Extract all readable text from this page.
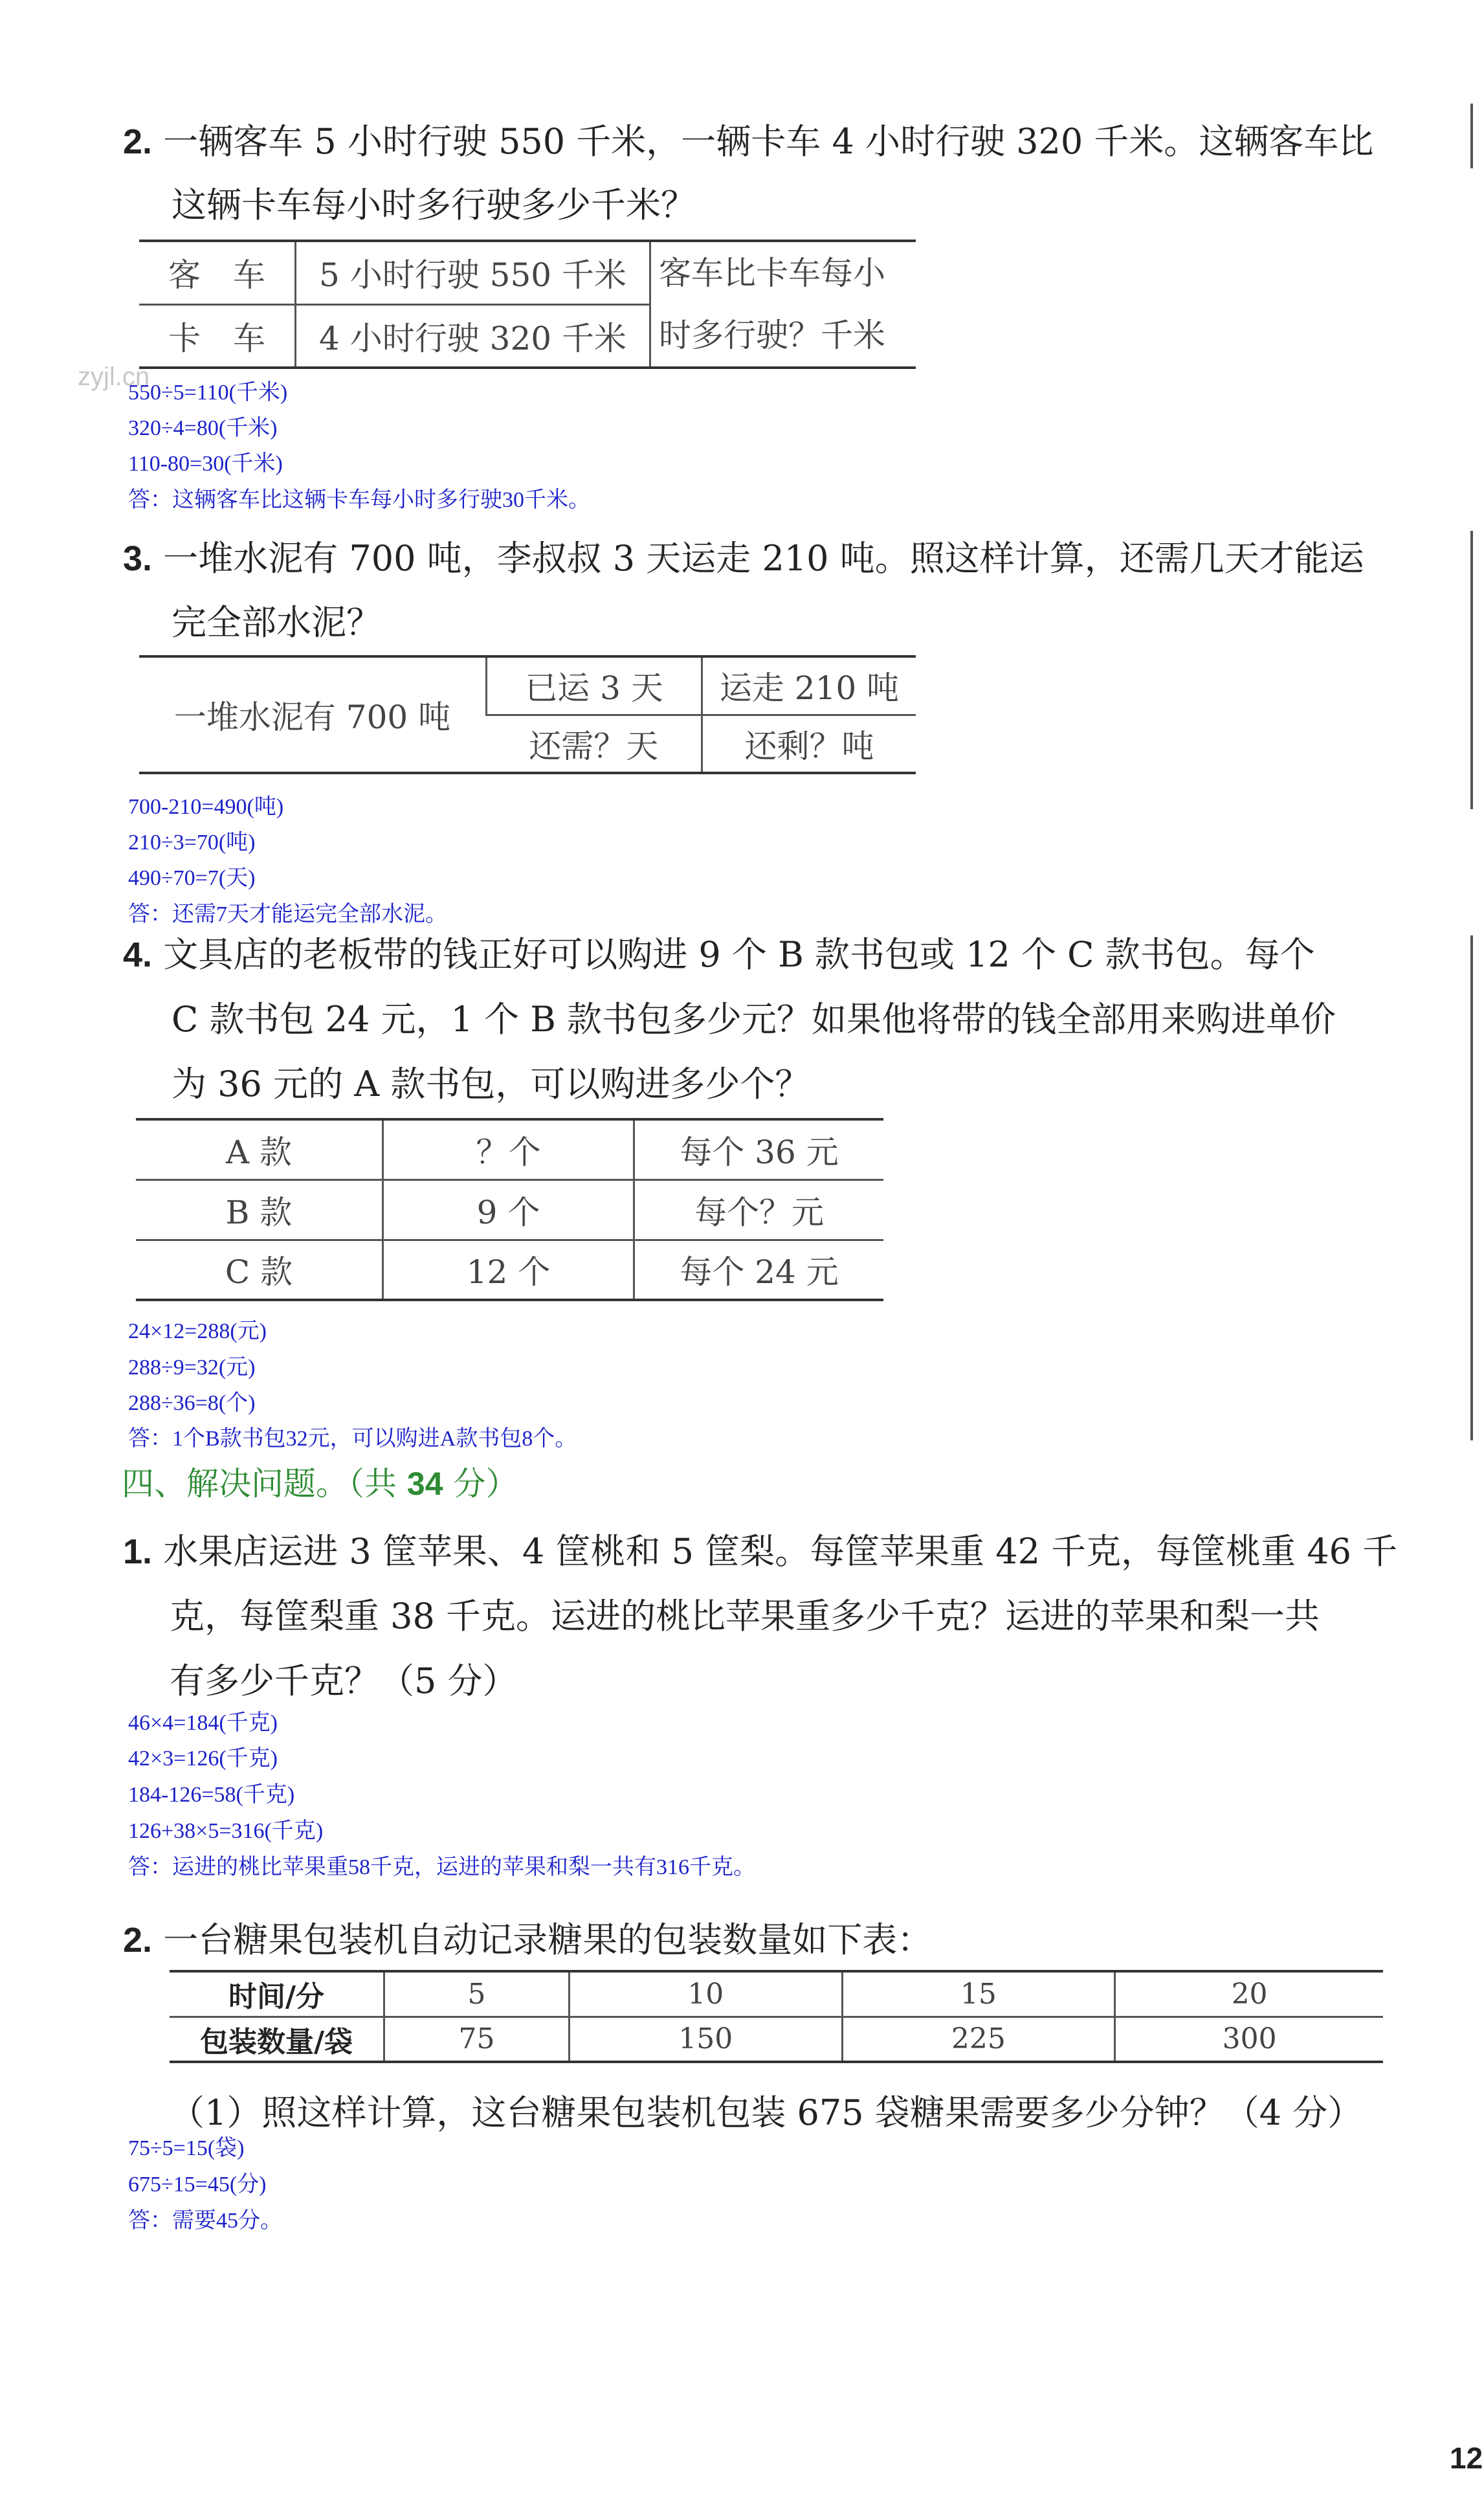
2. 一辆客车 5 小时行驶 550 千米，一辆卡车 4 小时行驶 320 千米。这辆客车比
这辆卡车每小时多行驶多少千米？
客　车	5 小时行驶 550 千米	客车比卡车每小
时多行驶？千米

卡　车	4 小时行驶 320 千米	
zyjl.cn
550÷5=110(千米)
320÷4=80(千米)
110-80=30(千米)
答：这辆客车比这辆卡车每小时多行驶30千米。
3. 一堆水泥有 700 吨，李叔叔 3 天运走 210 吨。照这样计算，还需几天才能运
完全部水泥？
一堆水泥有 700 吨	已运 3 天	运走 210 吨
	还需？天	还剩？吨
700-210=490(吨)
210÷3=70(吨)
490÷70=7(天)
答：还需7天才能运完全部水泥。
4. 文具店的老板带的钱正好可以购进 9 个 B 款书包或 12 个 C 款书包。每个
C 款书包 24 元，1 个 B 款书包多少元？如果他将带的钱全部用来购进单价
为 36 元的 A 款书包，可以购进多少个？
A 款	？个	每个 36 元
B 款	9 个	每个？元
C 款	12 个	每个 24 元
24×12=288(元)
288÷9=32(元)
288÷36=8(个)
答：1个B款书包32元，可以购进A款书包8个。
四、解决问题。（共 34 分）
1. 水果店运进 3 筐苹果、4 筐桃和 5 筐梨。每筐苹果重 42 千克，每筐桃重 46 千
克，每筐梨重 38 千克。运进的桃比苹果重多少千克？运进的苹果和梨一共
有多少千克？（5 分）
46×4=184(千克)
42×3=126(千克)
184-126=58(千克)
126+38×5=316(千克)
答：运进的桃比苹果重58千克，运进的苹果和梨一共有316千克。
2. 一台糖果包装机自动记录糖果的包装数量如下表：
时间/分	5	10	15	20
包装数量/袋	75	150	225	300
（1）照这样计算，这台糖果包装机包装 675 袋糖果需要多少分钟？（4 分）
75÷5=15(袋)
675÷15=45(分)
答：需要45分。
12
